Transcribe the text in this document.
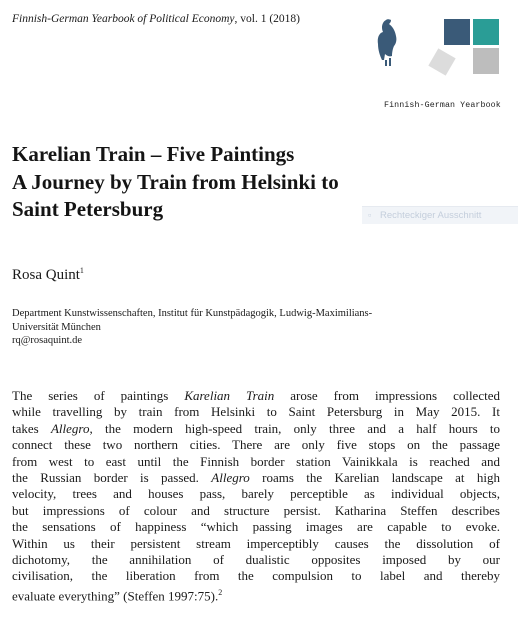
Finnish-German Yearbook of Political Economy, vol. 1 (2018)
Finnish-German Yearbook
Karelian Train – Five Paintings
A Journey by Train from Helsinki to
Saint Petersburg	▫ Rechteckiger Ausschnitt
Rosa Quint$^1$
Department Kunstwissenschaften, Institut für Kunstpädagogik, Ludwig-Maximilians-
Universität München
rq@rosaquint.de
The series of paintings Karelian Train arose from impressions collected
while travelling by train from Helsinki to Saint Petersburg in May 2015. It
takes Allegro, the modern high-speed train, only three and a half hours to
connect these two northern cities. There are only five stops on the passage
from west to east until the Finnish border station Vainikkala is reached and
the Russian border is passed. Allegro roams the Karelian landscape at high
velocity, trees and houses pass, barely perceptible as individual objects,
but impressions of colour and structure persist. Katharina Steffen describes
the sensations of happiness “which passing images are capable to evoke.
Within us their persistent stream imperceptibly causes the dissolution of
dichotomy, the annihilation of dualistic opposites imposed by our
civilisation, the liberation from the compulsion to label and thereby
evaluate everything” (Steffen 1997:75).$^2$
